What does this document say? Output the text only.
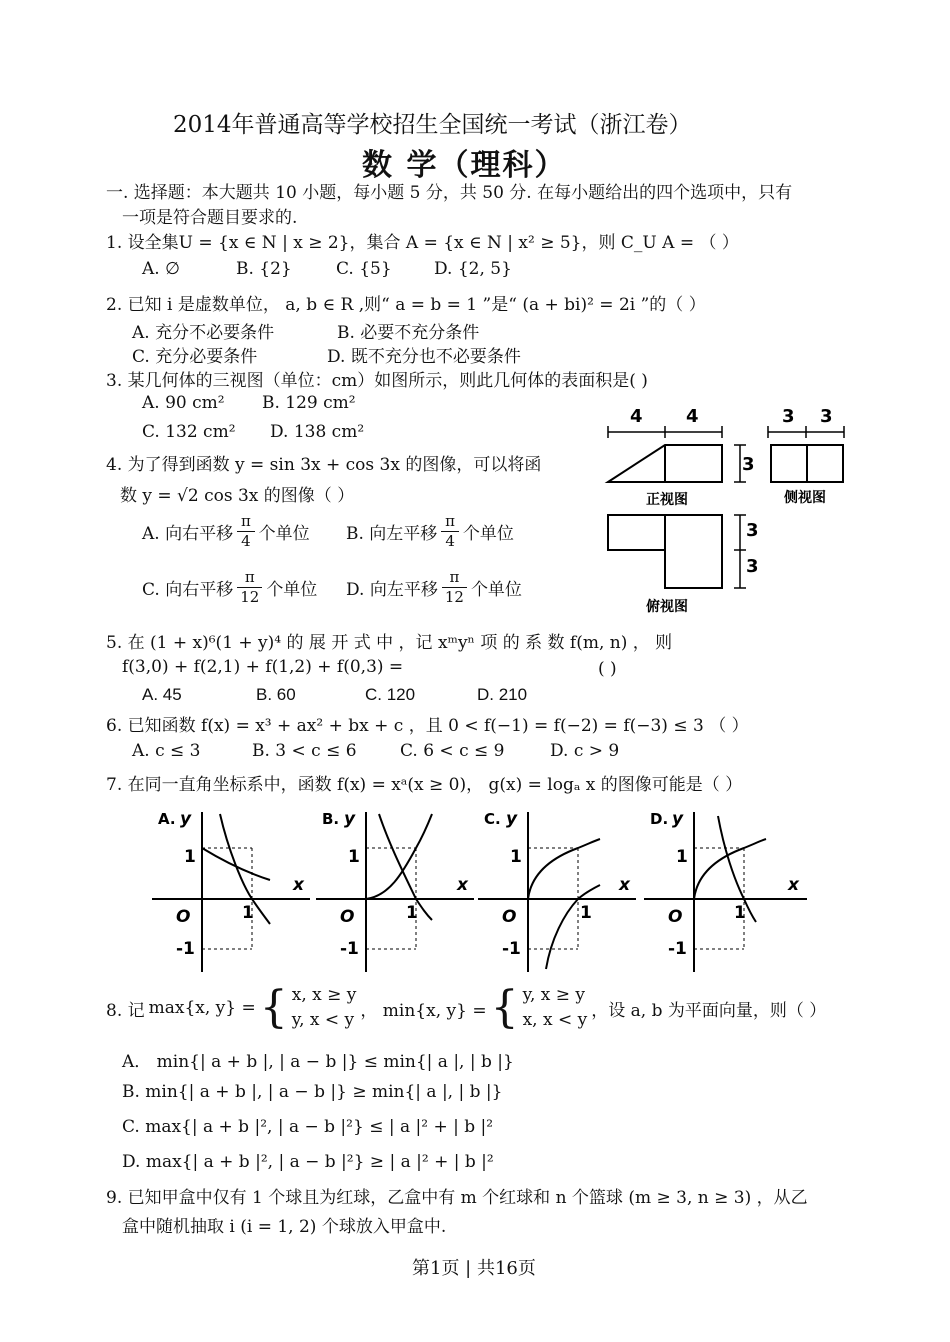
2014年普通高等学校招生全国统一考试（浙江卷）
数 学（理科）
一. 选择题：本大题共 10 小题，每小题 5 分，共 50 分. 在每小题给出的四个选项中，只有
一项是符合题目要求的.
1. 设全集U = {x ∈ N | x ≥ 2}，集合 A = {x ∈ N | x² ≥ 5}，则 C_U A = （ ）
A. ∅	B. {2}	C. {5} D. {2, 5}
2. 已知 i 是虚数单位， a, b ∈ R ,则“ a = b = 1 ”是“ (a + bi)² = 2i ”的（ ）
A. 充分不必要条件	B. 必要不充分条件
C. 充分必要条件	D. 既不充分也不必要条件
3. 某几何体的三视图（单位：cm）如图所示，则此几何体的表面积是( )
A. 90 cm² B. 129 cm²
C. 132 cm² D. 138 cm²
4 4
3
3 3
3
3
正视图	侧视图
俯视图
4. 为了得到函数 y = sin 3x + cos 3x 的图像，可以将函
数 y = √2 cos 3x 的图像（ ）
A. 向右平移 $\frac{\pi}{4}$ 个单位 B. 向左平移 $\frac{\pi}{4}$ 个单位
C. 向右平移 $\frac{\pi}{12}$ 个单位 D. 向左平移 $\frac{\pi}{12}$ 个单位
5. 在 (1 + x)⁶(1 + y)⁴ 的 展 开 式 中 ，记 xᵐyⁿ 项 的 系 数 f(m, n) ， 则
f(3,0) + f(2,1) + f(1,2) + f(0,3) =	( )
A. 45	B. 60	C. 120	D. 210
6. 已知函数 f(x) = x³ + ax² + bx + c ，且 0 < f(−1) = f(−2) = f(−3) ≤ 3 （ ）
A. c ≤ 3	B. 3 < c ≤ 6	C. 6 < c ≤ 9	D. c > 9
7. 在同一直角坐标系中，函数 f(x) = xᵃ(x ≥ 0)， g(x) = logₐ x 的图像可能是（ ）
A. y
x
1
O	1
-1
B. y
x
1
O	1
-1
C. y
x
1
O	1
-1
D. y
x
1
O	1
-1
8. 记 max{x, y} = { x, x ≥ y
y, x < y ， min{x, y} = { y, x ≥ y
x, x < y ，设 a, b 为平面向量，则（ ）
A． min{| a + b |, | a − b |} ≤ min{| a |, | b |}
B. min{| a + b |, | a − b |} ≥ min{| a |, | b |}
C. max{| a + b |², | a − b |²} ≤ | a |² + | b |²
D. max{| a + b |², | a − b |²} ≥ | a |² + | b |²
9. 已知甲盒中仅有 1 个球且为红球，乙盒中有 m 个红球和 n 个篮球 (m ≥ 3, n ≥ 3) ，从乙
盒中随机抽取 i (i = 1, 2) 个球放入甲盒中.
第1页 | 共16页
